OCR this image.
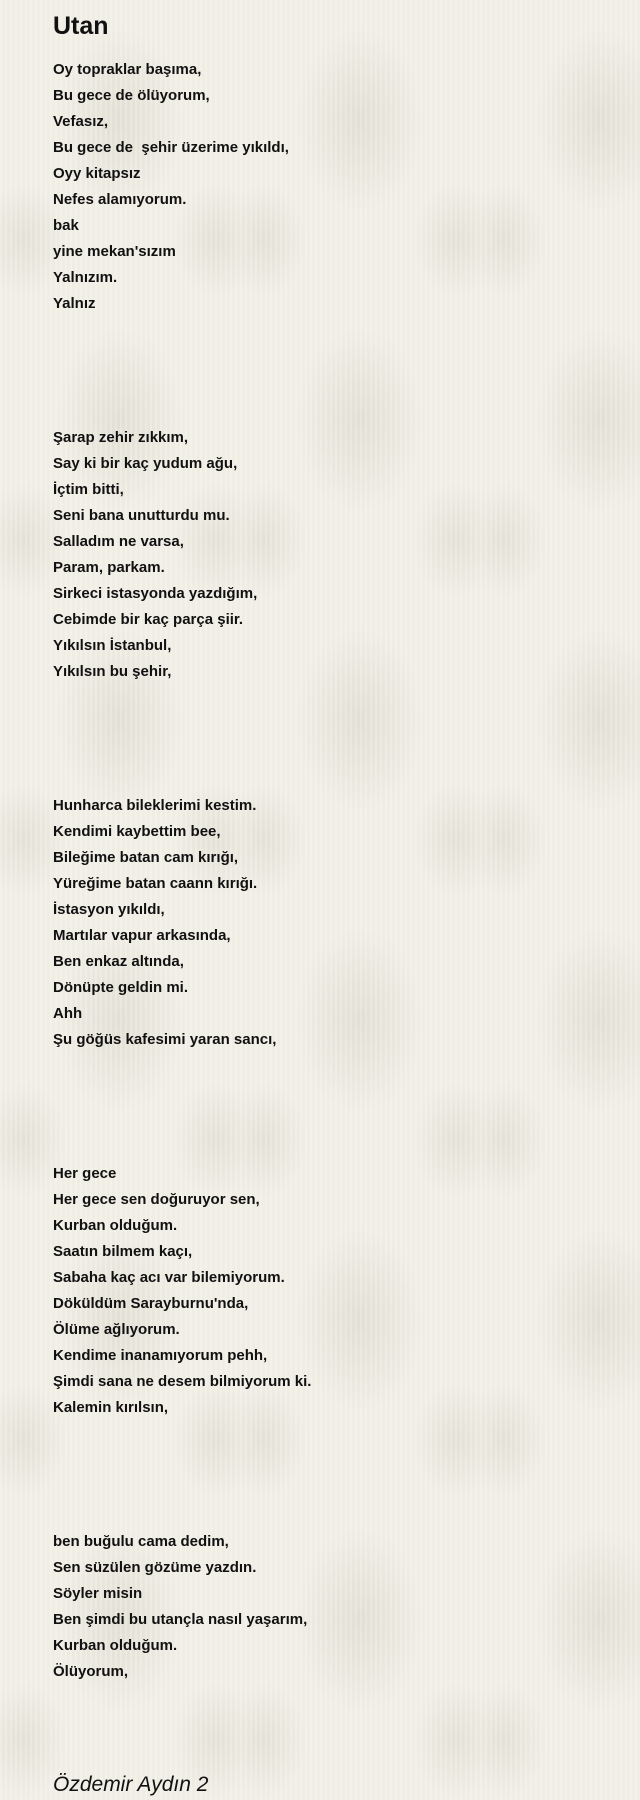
Utan
Oy topraklar başıma,
Bu gece de ölüyorum,
Vefasız,
Bu gece de  şehir üzerime yıkıldı,
Oyy kitapsız
Nefes alamıyorum.
bak
yine mekan'sızım
Yalnızım.
Yalnız
Şarap zehir zıkkım,
Say ki bir kaç yudum ağu,
İçtim bitti,
Seni bana unutturdu mu.
Salladım ne varsa,
Param, parkam.
Sirkeci istasyonda yazdığım,
Cebimde bir kaç parça şiir.
Yıkılsın İstanbul,
Yıkılsın bu şehir,
Hunharca bileklerimi kestim.
Kendimi kaybettim bee,
Bileğime batan cam kırığı,
Yüreğime batan caann kırığı.
İstasyon yıkıldı,
Martılar vapur arkasında,
Ben enkaz altında,
Dönüpte geldin mi.
Ahh
Şu göğüs kafesimi yaran sancı,
Her gece
Her gece sen doğuruyor sen,
Kurban olduğum.
Saatın bilmem kaçı,
Sabaha kaç acı var bilemiyorum.
Döküldüm Sarayburnu'nda,
Ölüme ağlıyorum.
Kendime inanamıyorum pehh,
Şimdi sana ne desem bilmiyorum ki.
Kalemin kırılsın,
ben buğulu cama dedim,
Sen süzülen gözüme yazdın.
Söyler misin
Ben şimdi bu utançla nasıl yaşarım,
Kurban olduğum.
Ölüyorum,

Özdemir Aydın 2
